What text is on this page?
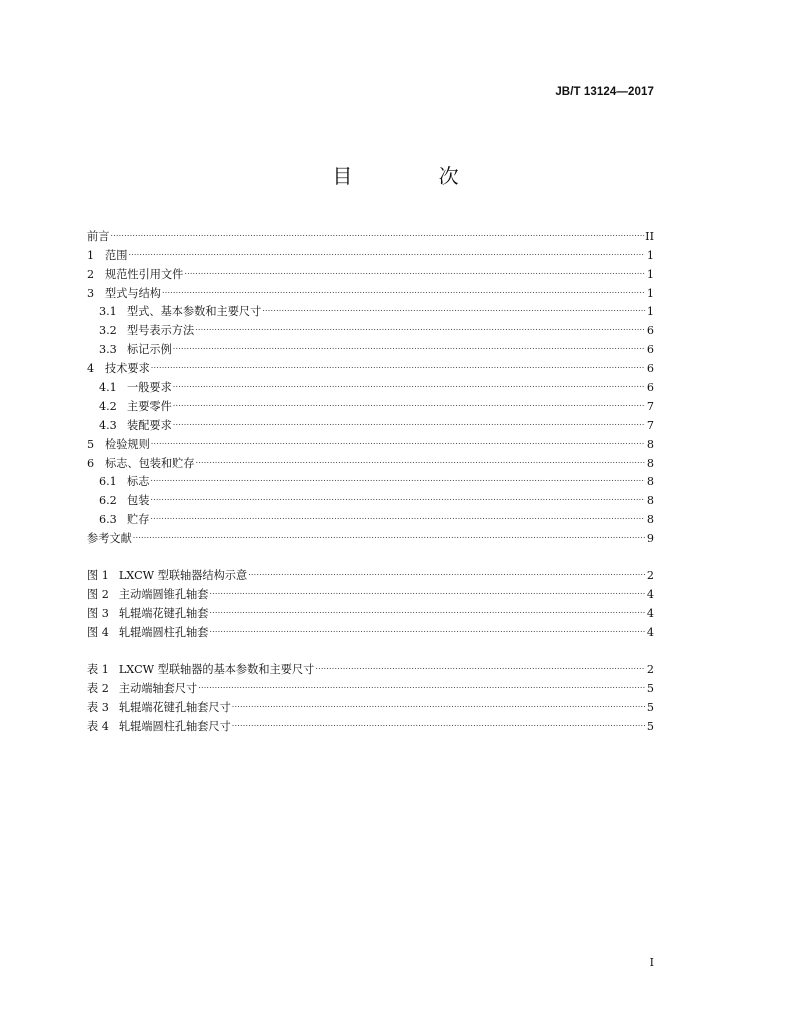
JB/T 13124—2017
目 次
前言 .....	II
1 范围 .....	1
2 规范性引用文件 .....	1
3 型式与结构 .....	1
3.1 型式、基本参数和主要尺寸 .....	1
3.2 型号表示方法 .....	6
3.3 标记示例 .....	6
4 技术要求 .....	6
4.1 一般要求 .....	6
4.2 主要零件 .....	7
4.3 装配要求 .....	7
5 检验规则 .....	8
6 标志、包装和贮存 .....	8
6.1 标志 .....	8
6.2 包装 .....	8
6.3 贮存 .....	8
参考文献 .....	9
图 1 LXCW 型联轴器结构示意 .....	2
图 2 主动端圆锥孔轴套 .....	4
图 3 轧辊端花键孔轴套 .....	4
图 4 轧辊端圆柱孔轴套 .....	4
表 1 LXCW 型联轴器的基本参数和主要尺寸 .....	2
表 2 主动端轴套尺寸 .....	5
表 3 轧辊端花键孔轴套尺寸 .....	5
表 4 轧辊端圆柱孔轴套尺寸 .....	5
I
